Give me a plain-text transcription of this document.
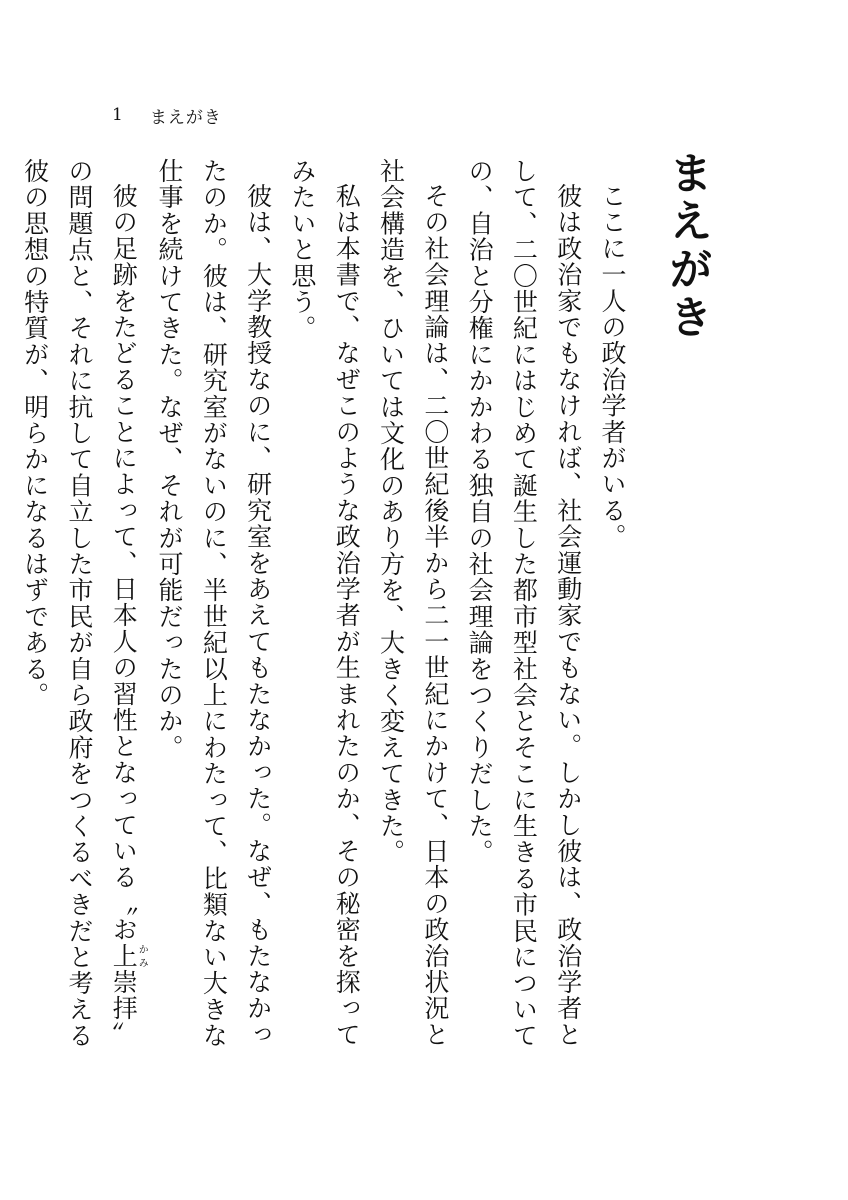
1 まえがき
まえがき

ここに一人の政治学者がいる。

彼は政治家でもなければ、社会運動家でもない。しかし彼は、政治学者として、二〇世紀にはじめて誕生した都市型社会とそこに生きる市民についての、自治と分権にかかわる独自の社会理論をつくりだした。

その社会理論は、二〇世紀後半から二一世紀にかけて、日本の政治状況と社会構造を、ひいては文化のあり方を、大きく変えてきた。

私は本書で、なぜこのような政治学者が生まれたのか、その秘密を探ってみたいと思う。

彼は、大学教授なのに、研究室をあえてもたなかった。なぜ、もたなかったのか。彼は、研究室がないのに、半世紀以上にわたって、比類ない大きな仕事を続けてきた。なぜ、それが可能だったのか。

彼の足跡をたどることによって、日本人の習性となっている〝お上かみ崇拝〟の問題点と、それに抗して自立した市民が自ら政府をつくるべきだと考える彼の思想の特質が、明らかになるはずである。
